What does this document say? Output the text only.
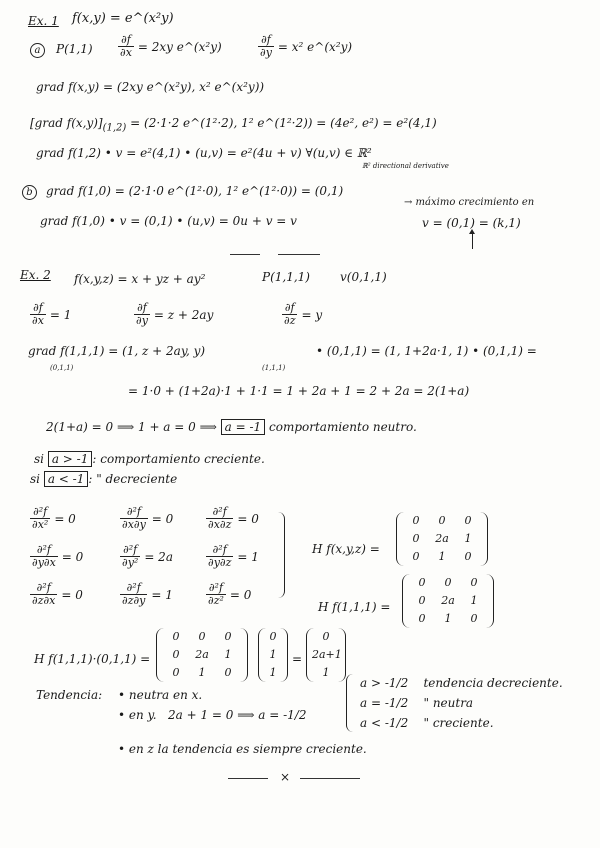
Ex. 1 f(x,y) = e^(x²y)
a	$P(1,1) \frac{\partial f}{\partial x} = 2xy$ e^(x²y)	$\frac{\partial f}{\partial y} = x^2$ e^(x²y)
grad f(x,y) = (2xy e^(x²y), x² e^(x²y))
[grad $f(x,y)]_{(1,2)} = (2\cdot 1\cdot 2$ e^(1²·2), 1² e^(1²·2)) = (4e², e²) = e²(4,1)
grad f(1,2) • v = e²(4,1) • (u,v) = e²(4u + v) ∀(u,v) ∈ ℝ²
ℝ² directional derivative
b	grad f(1,0) = (2·1·0 e^(1²·0), 1² e^(1²·0)) = (0,1)
→ máximo crecimiento en
grad f(1,0) • v = (0,1) • (u,v) = 0u + v = v	v = (0,1) = (k,1)
Ex. 2 f(x,y,z) = x + yz + ay²	P(1,1,1)	v(0,1,1)
$\frac{\partial f}{\partial x} = 1$	$\frac{\partial f}{\partial y} = z + 2ay$	$\frac{\partial f}{\partial z} = y$
grad f(1,1,1) = (1, z + 2ay, y)
(0,1,1)	(1,1,1)
• (0,1,1) = (1, 1+2a·1, 1) • (0,1,1) =
= 1·0 + (1+2a)·1 + 1·1 = 1 + 2a + 1 = 2 + 2a = 2(1+a)
2(1+a) = 0 ⟹ 1 + a = 0 ⟹ a = -1 comportamiento neutro.
si a > -1 : comportamiento creciente.
si a < -1 : " decreciente
$\frac{\text{∂²f}}{\text{∂x²}} = 0$	$\frac{\text{∂²f}}{\partial x\partial y} = 0$	$\frac{\text{∂²f}}{\partial x\partial z} = 0$
$\frac{\text{∂²f}}{\partial y\partial x} = 0$	$\frac{\text{∂²f}}{\text{∂y²}} = 2a$	$\frac{\text{∂²f}}{\partial y\partial z} = 1$
$\frac{\text{∂²f}}{\partial z\partial x} = 0$	$\frac{\text{∂²f}}{\partial z\partial y} = 1$	$\frac{\text{∂²f}}{\text{∂z²}} = 0$
H f(x,y,z) =
0	0	0
0	2a	1
0	1	0
H f(1,1,1) =
0	0	0
0	2a	1
0	1	0
H f(1,1,1)·(0,1,1) =
0	0	0
0	2a	1
0	1	0
0
1
1
=
0
2a+1
1
Tendencia: • neutra en x.
• en y. 2a + 1 = 0 ⟹ a = -1/2
a > -1/2 tendencia decreciente.
a = -1/2 " neutra
a < -1/2 " creciente.
• en z la tendencia es siempre creciente.
×
